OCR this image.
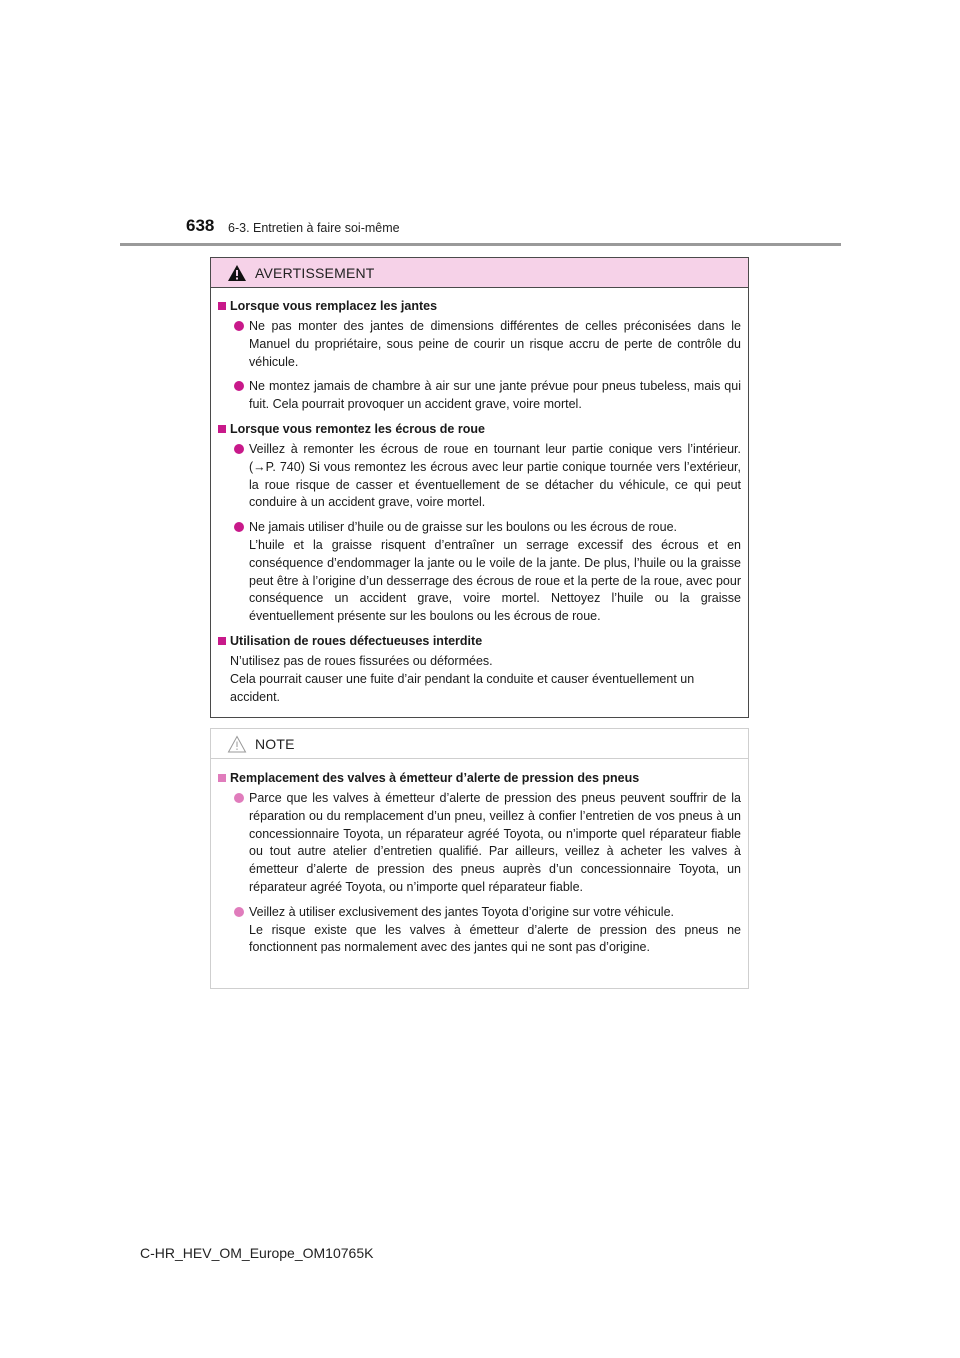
638 6-3. Entretien à faire soi-même
AVERTISSEMENT
Lorsque vous remplacez les jantes

Ne pas monter des jantes de dimensions différentes de celles préconisées dans le Manuel du propriétaire, sous peine de courir un risque accru de perte de contrôle du véhicule.

Ne montez jamais de chambre à air sur une jante prévue pour pneus tubeless, mais qui fuit. Cela pourrait provoquer un accident grave, voire mortel.

Lorsque vous remontez les écrous de roue

Veillez à remonter les écrous de roue en tournant leur partie conique vers l’intérieur. (→P. 740) Si vous remontez les écrous avec leur partie conique tournée vers l’extérieur, la roue risque de casser et éventuellement de se détacher du véhicule, ce qui peut conduire à un accident grave, voire mortel.

Ne jamais utiliser d’huile ou de graisse sur les boulons ou les écrous de roue.

L’huile et la graisse risquent d’entraîner un serrage excessif des écrous et en conséquence d’endommager la jante ou le voile de la jante. De plus, l’huile ou la graisse peut être à l’origine d’un desserrage des écrous de roue et la perte de la roue, avec pour conséquence un accident grave, voire mortel. Nettoyez l’huile ou la graisse éventuellement présente sur les boulons ou les écrous de roue.

Utilisation de roues défectueuses interdite

N’utilisez pas de roues fissurées ou déformées.

Cela pourrait causer une fuite d’air pendant la conduite et causer éventuellement un accident.

NOTE
Remplacement des valves à émetteur d’alerte de pression des pneus

Parce que les valves à émetteur d’alerte de pression des pneus peuvent souffrir de la réparation ou du remplacement d’un pneu, veillez à confier l’entretien de vos pneus à un concessionnaire Toyota, un réparateur agréé Toyota, ou n’importe quel réparateur fiable ou tout autre atelier d’entretien qualifié. Par ailleurs, veillez à acheter les valves à émetteur d’alerte de pression des pneus auprès d’un concessionnaire Toyota, un réparateur agréé Toyota, ou n’importe quel réparateur fiable.

Veillez à utiliser exclusivement des jantes Toyota d’origine sur votre véhicule.

Le risque existe que les valves à émetteur d’alerte de pression des pneus ne fonctionnent pas normalement avec des jantes qui ne sont pas d’origine.

C-HR_HEV_OM_Europe_OM10765K
